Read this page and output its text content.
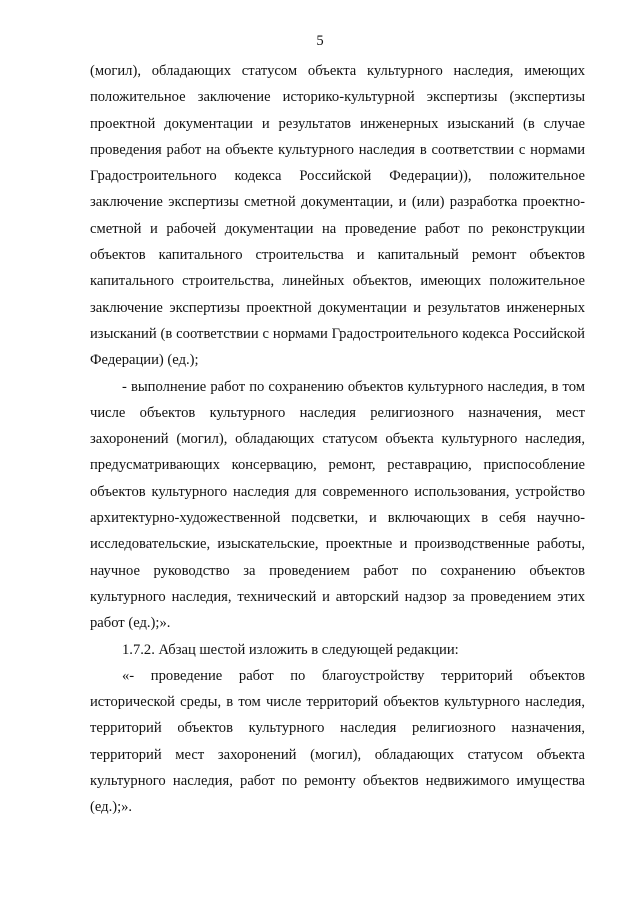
5

(могил), обладающих статусом объекта культурного наследия, имеющих положительное заключение историко-культурной экспертизы (экспертизы проектной документации и результатов инженерных изысканий (в случае проведения работ на объекте культурного наследия в соответствии с нормами Градостроительного кодекса Российской Федерации)), положительное заключение экспертизы сметной документации, и (или) разработка проектно-сметной и рабочей документации на проведение работ по реконструкции объектов капитального строительства и капитальный ремонт объектов капитального строительства, линейных объектов, имеющих положительное заключение экспертизы проектной документации и результатов инженерных изысканий (в соответствии с нормами Градостроительного кодекса Российской Федерации) (ед.);

- выполнение работ по сохранению объектов культурного наследия, в том числе объектов культурного наследия религиозного назначения, мест захоронений (могил), обладающих статусом объекта культурного наследия, предусматривающих консервацию, ремонт, реставрацию, приспособление объектов культурного наследия для современного использования, устройство архитектурно-художественной подсветки, и включающих в себя научно-исследовательские, изыскательские, проектные и производственные работы, научное руководство за проведением работ по сохранению объектов культурного наследия, технический и авторский надзор за проведением этих работ (ед.);».

1.7.2. Абзац шестой изложить в следующей редакции:

«- проведение работ по благоустройству территорий объектов исторической среды, в том числе территорий объектов культурного наследия, территорий объектов культурного наследия религиозного назначения, территорий мест захоронений (могил), обладающих статусом объекта культурного наследия, работ по ремонту объектов недвижимого имущества (ед.);».
